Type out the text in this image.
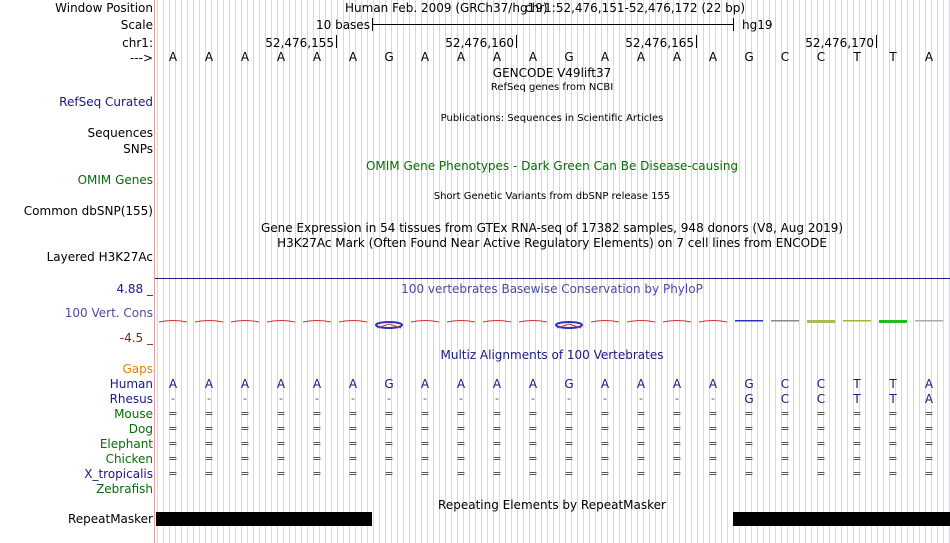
Window Position
Scale
chr1:
--->
Human Feb. 2009 (GRCh37/hg19)
chr1:52,476,151-52,476,172 (22 bp)
10 bases	hg19
52,476,155	52,476,160	52,476,165	52,476,170
A	A	A	A	A	A	G	A	A	A	A	G	A	A	A	A	G	C	C	T	T	A
GENCODE V49lift37
RefSeq genes from NCBI
RefSeq Curated
Publications: Sequences in Scientific Articles
Sequences
SNPs
OMIM Gene Phenotypes - Dark Green Can Be Disease-causing
OMIM Genes
Short Genetic Variants from dbSNP release 155
Common dbSNP(155)
Gene Expression in 54 tissues from GTEx RNA-seq of 17382 samples, 948 donors (V8, Aug 2019)
H3K27Ac Mark (Often Found Near Active Regulatory Elements) on 7 cell lines from ENCODE
Layered H3K27Ac
4.88 _	100 vertebrates Basewise Conservation by PhyloP
100 Vert. Cons
-4.5 _
Multiz Alignments of 100 Vertebrates
Gaps
Human	A	A	A	A	A	A	G	A	A	A	A	G	A	A	A	A	G	C	C	T	T	A
Rhesus	-	-	-	-	-	-	-	-	-	-	-	-	-	-	-	-	G	C	C	T	T	A
Mouse	=	=	=	=	=	=	=	=	=	=	=	=	=	=	=	=	=	=	=	=	=	=
Dog	=	=	=	=	=	=	=	=	=	=	=	=	=	=	=	=	=	=	=	=	=	=
Elephant	=	=	=	=	=	=	=	=	=	=	=	=	=	=	=	=	=	=	=	=	=	=
Chicken	=	=	=	=	=	=	=	=	=	=	=	=	=	=	=	=	=	=	=	=	=	=
X_tropicalis	=	=	=	=	=	=	=	=	=	=	=	=	=	=	=	=	=	=	=	=	=	=
Zebrafish
Repeating Elements by RepeatMasker
RepeatMasker
